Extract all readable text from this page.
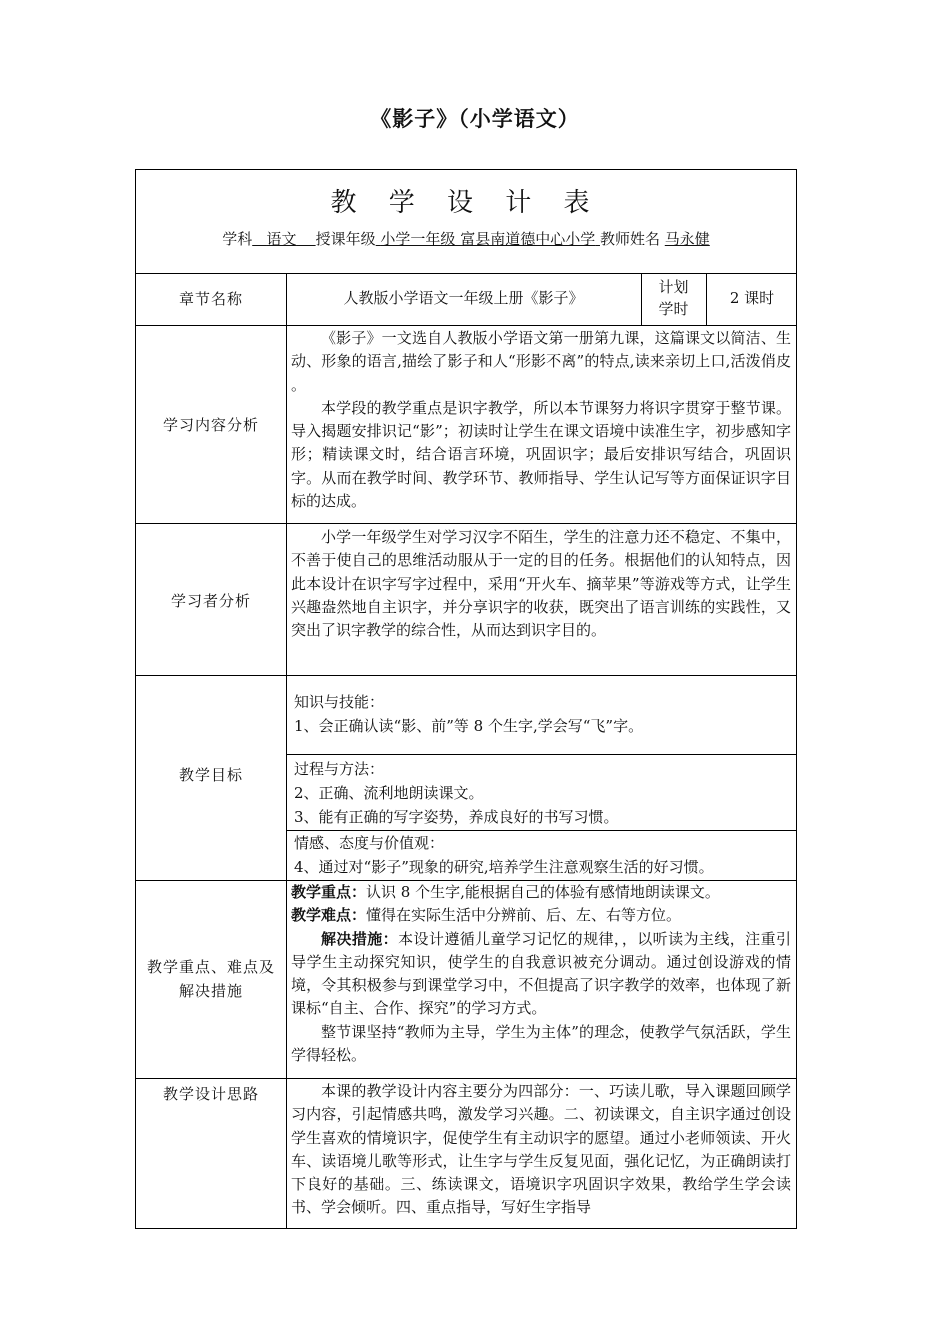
《影子》（小学语文）
教 学 设 计 表
学科 语文 授课年级 小学一年级 富县南道德中心小学 教师姓名 马永健
章节名称	人教版小学语文一年级上册《影子》
计划
学时
2 课时
学习内容分析

《影子》一文选自人教版小学语文第一册第九课，这篇课文以简洁、生动、形象的语言,描绘了影子和人“形影不离”的特点,读来亲切上口,活泼俏皮 。

本学段的教学重点是识字教学，所以本节课努力将识字贯穿于整节课。导入揭题安排识记“影”；初读时让学生在课文语境中读准生字，初步感知字形；精读课文时，结合语言环境，巩固识字；最后安排识写结合，巩固识字。从而在教学时间、教学环节、教师指导、学生认记写等方面保证识字目标的达成。

学习者分析

小学一年级学生对学习汉字不陌生，学生的注意力还不稳定、不集中，不善于使自己的思维活动服从于一定的目的任务。根据他们的认知特点，因此本设计在识字写字过程中，采用“开火车、摘苹果”等游戏等方式，让学生兴趣盎然地自主识字，并分享识字的收获，既突出了语言训练的实践性，又突出了识字教学的综合性，从而达到识字目的。

教学目标
知识与技能：
1、会正确认读“影、前”等 8 个生字,学会写“飞”字。
过程与方法：
2、正确、流利地朗读课文。
3、能有正确的写字姿势，养成良好的书写习惯。
情感、态度与价值观：
4、通过对“影子”现象的研究,培养学生注意观察生活的好习惯。
教学重点、难点及
解决措施

教学重点：认识 8 个生字,能根据自己的体验有感情地朗读课文。

教学难点：懂得在实际生活中分辨前、后、左、右等方位。

解决措施：本设计遵循儿童学习记忆的规律，，以听读为主线，注重引导学生主动探究知识，使学生的自我意识被充分调动。通过创设游戏的情境，令其积极参与到课堂学习中，不但提高了识字教学的效率，也体现了新课标“自主、合作、探究”的学习方式。

整节课坚持“教师为主导，学生为主体”的理念，使教学气氛活跃，学生学得轻松。

教学设计思路	本课的教学设计内容主要分为四部分：一、巧读儿歌，导入课题回顾学习内容，引起情感共鸣，激发学习兴趣。二、初读课文，自主识字通过创设学生喜欢的情境识字，促使学生有主动识字的愿望。通过小老师领读、开火车、读语境儿歌等形式，让生字与学生反复见面，强化记忆，为正确朗读打下良好的基础。三、练读课文，语境识字巩固识字效果，教给学生学会读书、学会倾听。四、重点指导，写好生字指导
